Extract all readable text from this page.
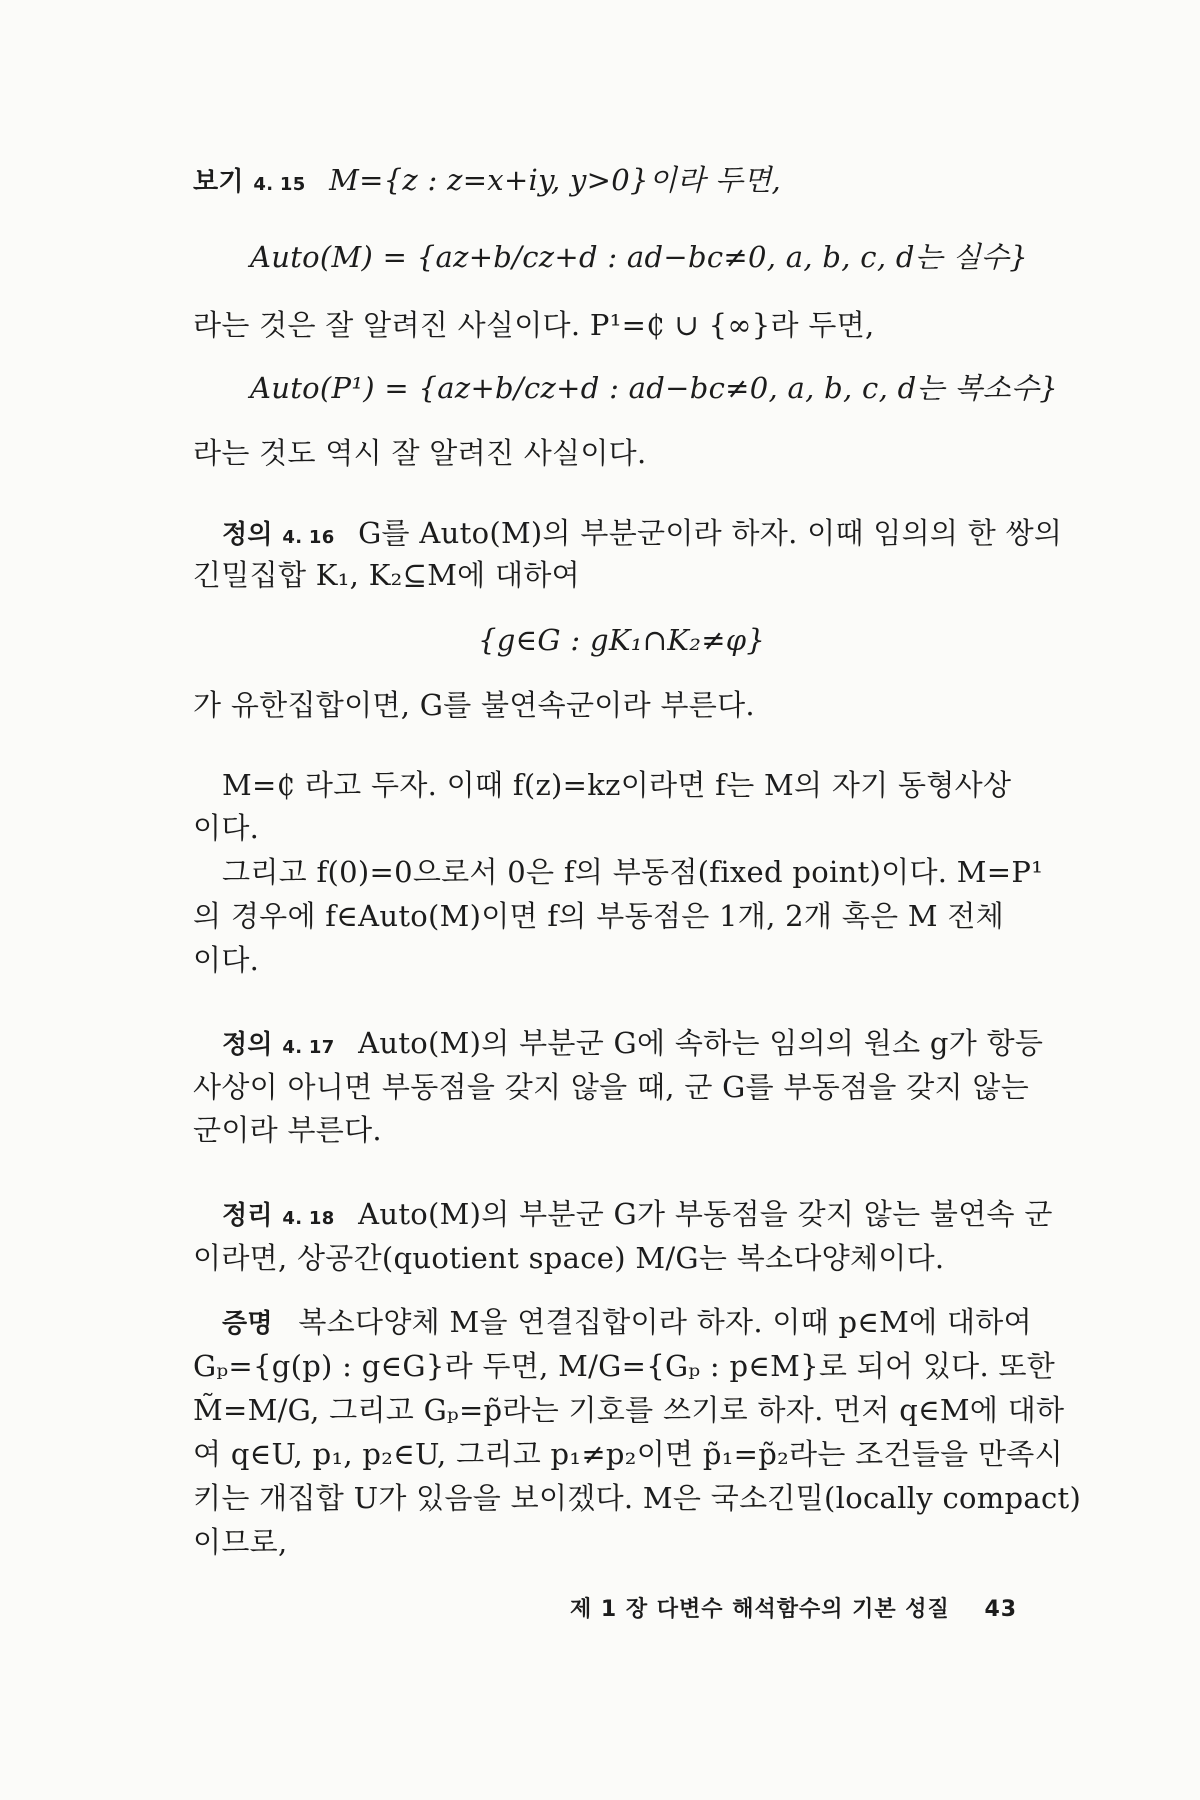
보기 4. 15 M={z : z=x+iy, y>0}이라 두면,
Auto(M) = {az+b/cz+d : ad−bc≠0, a, b, c, d는 실수}
라는 것은 잘 알려진 사실이다. P¹=₵ ∪ {∞}라 두면,
Auto(P¹) = {az+b/cz+d : ad−bc≠0, a, b, c, d는 복소수}
라는 것도 역시 잘 알려진 사실이다.
정의 4. 16 G를 Auto(M)의 부분군이라 하자. 이때 임의의 한 쌍의
긴밀집합 K₁, K₂⊆M에 대하여
{g∈G : gK₁∩K₂≠φ}
가 유한집합이면, G를 불연속군이라 부른다.
M=₵ 라고 두자. 이때 f(z)=kz이라면 f는 M의 자기 동형사상
이다.
그리고 f(0)=0으로서 0은 f의 부동점(fixed point)이다. M=P¹
의 경우에 f∈Auto(M)이면 f의 부동점은 1개, 2개 혹은 M 전체
이다.
정의 4. 17 Auto(M)의 부분군 G에 속하는 임의의 원소 g가 항등
사상이 아니면 부동점을 갖지 않을 때, 군 G를 부동점을 갖지 않는
군이라 부른다.
정리 4. 18 Auto(M)의 부분군 G가 부동점을 갖지 않는 불연속 군
이라면, 상공간(quotient space) M/G는 복소다양체이다.
증명 복소다양체 M을 연결집합이라 하자. 이때 p∈M에 대하여
Gₚ={g(p) : g∈G}라 두면, M/G={Gₚ : p∈M}로 되어 있다. 또한
M̃=M/G, 그리고 Gₚ=p̃라는 기호를 쓰기로 하자. 먼저 q∈M에 대하
여 q∈U, p₁, p₂∈U, 그리고 p₁≠p₂이면 p̃₁=p̃₂라는 조건들을 만족시
키는 개집합 U가 있음을 보이겠다. M은 국소긴밀(locally compact)
이므로,
제 1 장 다변수 해석함수의 기본 성질 43
